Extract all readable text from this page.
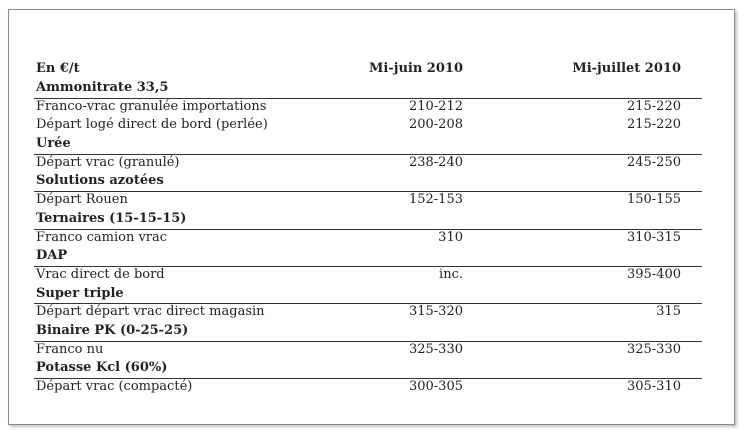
En €/t	Mi-juin 2010	Mi-juillet 2010
Ammonitrate 33,5
Franco-vrac granulée importations	210-212	215-220
Départ logé direct de bord (perlée)	200-208	215-220
Urée
Départ vrac (granulé)	238-240	245-250
Solutions azotées
Départ Rouen	152-153	150-155
Ternaires (15-15-15)
Franco camion vrac	310	310-315
DAP
Vrac direct de bord	inc.	395-400
Super triple
Départ départ vrac direct magasin	315-320	315
Binaire PK (0-25-25)
Franco nu	325-330	325-330
Potasse Kcl (60%)
Départ vrac (compacté)	300-305	305-310
